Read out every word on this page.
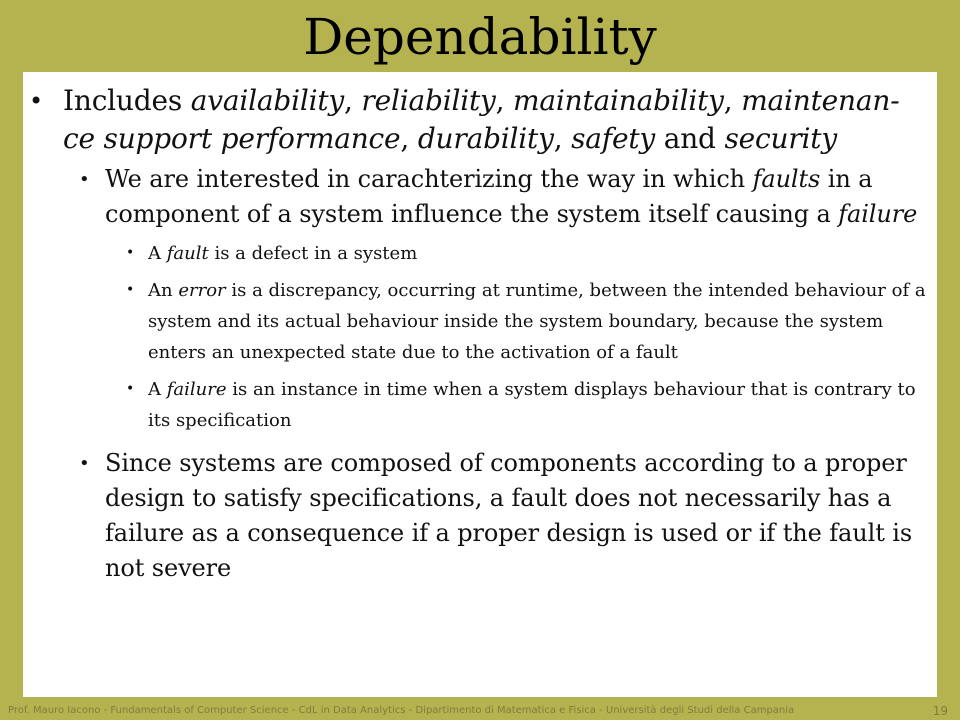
Dependability
• Includes availability, reliability, maintainability, maintenan-ce support performance, durability, safety and security
• We are interested in carachterizing the way in which faults in a component of a system influence the system itself causing a failure
• A fault is a defect in a system
• An error is a discrepancy, occurring at runtime, between the intended behaviour of a system and its actual behaviour inside the system boundary, because the system enters an unexpected state due to the activation of a fault
• A failure is an instance in time when a system displays behaviour that is contrary to its specification
• Since systems are composed of components according to a proper design to satisfy specifications, a fault does not necessarily has a failure as a consequence if a proper design is used or if the fault is not severe
Prof. Mauro Iacono - Fundamentals of Computer Science - CdL in Data Analytics - Dipartimento di Matematica e Fisica - Università degli Studi della Campania	19
